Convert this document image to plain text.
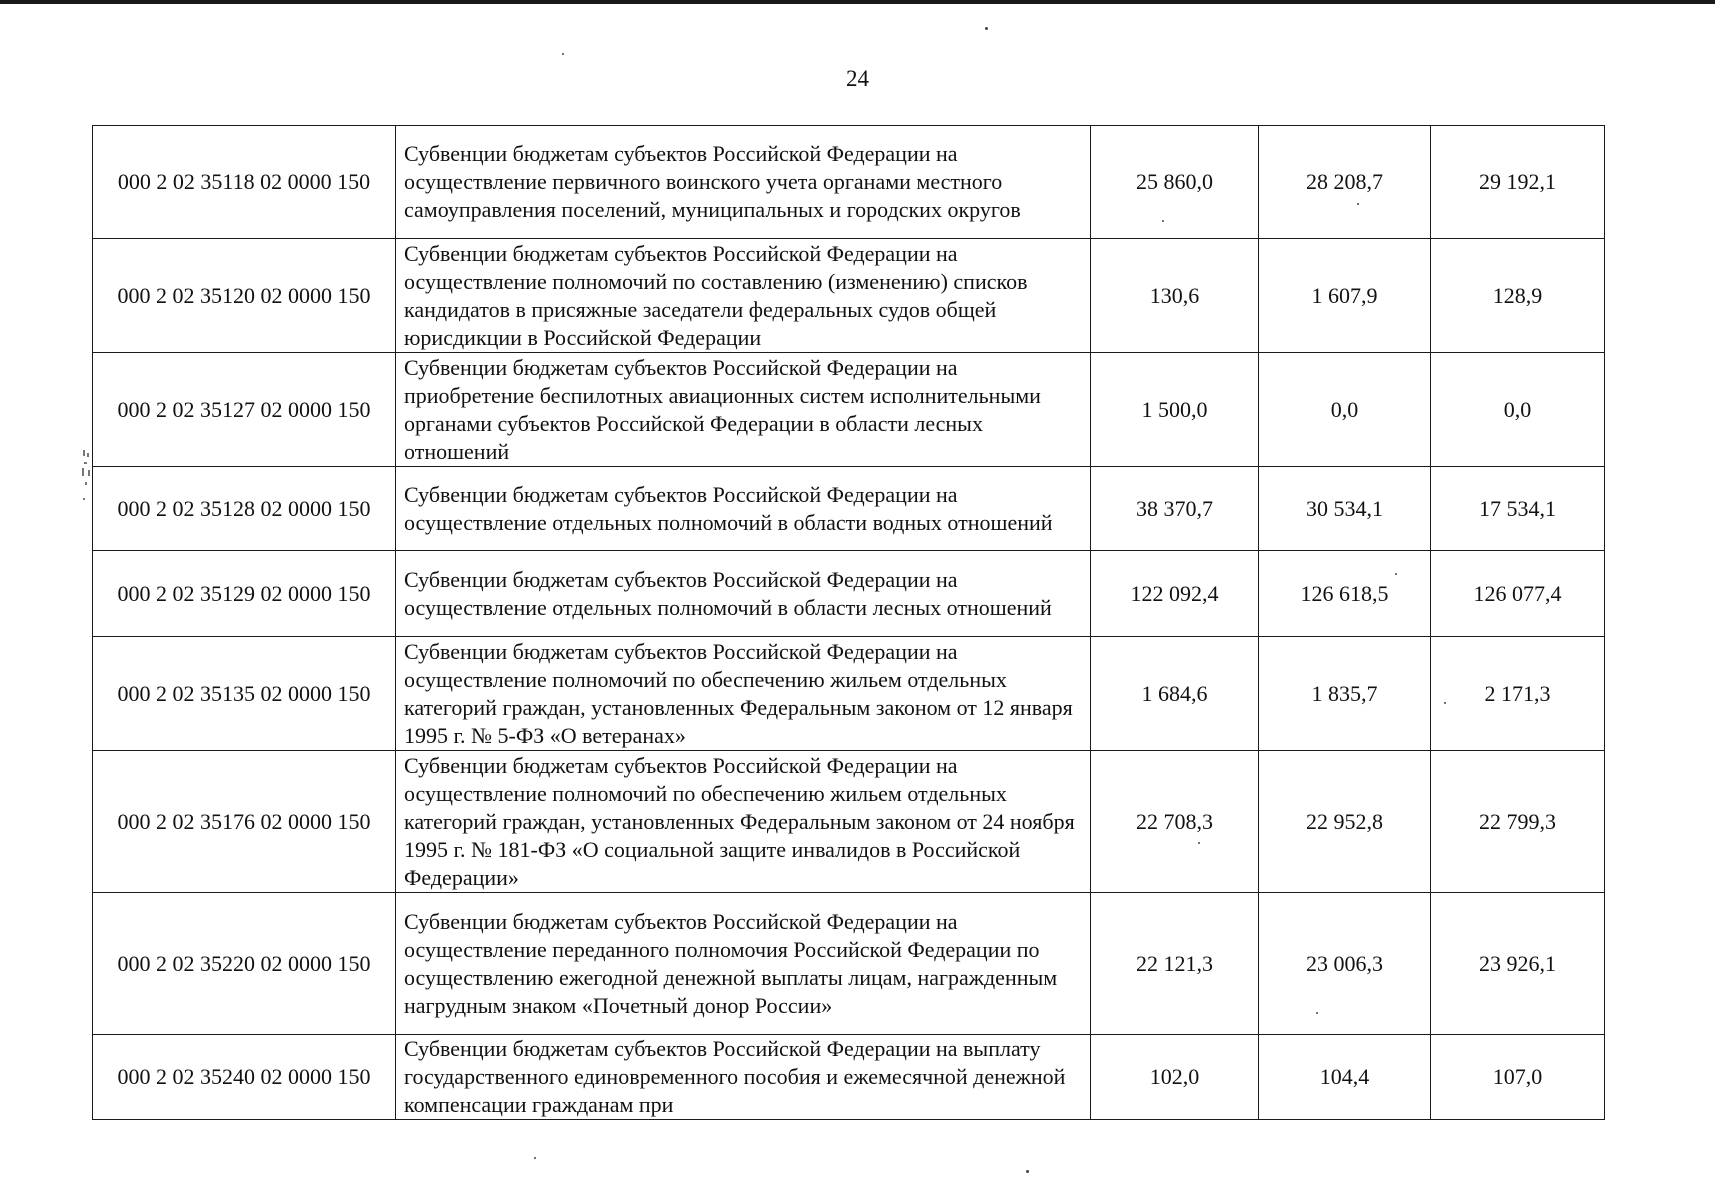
24
000 2 02 35118 02 0000 150	Субвенции бюджетам субъектов Российской Федерации на осуществление первичного воинского учета органами местного самоуправления поселений, муниципальных и городских округов	25 860,0	28 208,7	29 192,1
000 2 02 35120 02 0000 150	Субвенции бюджетам субъектов Российской Федерации на осуществление полномочий по составлению (изменению) списков кандидатов в присяжные заседатели федеральных судов общей юрисдикции в Российской Федерации	130,6	1 607,9	128,9
000 2 02 35127 02 0000 150	Субвенции бюджетам субъектов Российской Федерации на приобретение беспилотных авиационных систем исполнительными органами субъектов Российской Федерации в области лесных отношений	1 500,0	0,0	0,0
000 2 02 35128 02 0000 150	Субвенции бюджетам субъектов Российской Федерации на осуществление отдельных полномочий в области водных отношений	38 370,7	30 534,1	17 534,1
000 2 02 35129 02 0000 150	Субвенции бюджетам субъектов Российской Федерации на осуществление отдельных полномочий в области лесных отношений	122 092,4	126 618,5	126 077,4
000 2 02 35135 02 0000 150	Субвенции бюджетам субъектов Российской Федерации на осуществление полномочий по обеспечению жильем отдельных категорий граждан, установленных Федеральным законом от 12 января 1995 г. № 5-ФЗ «О ветеранах»	1 684,6	1 835,7	2 171,3
000 2 02 35176 02 0000 150	Субвенции бюджетам субъектов Российской Федерации на осуществление полномочий по обеспечению жильем отдельных категорий граждан, установленных Федеральным законом от 24 ноября 1995 г. № 181-ФЗ «О социальной защите инвалидов в Российской Федерации»	22 708,3	22 952,8	22 799,3
000 2 02 35220 02 0000 150	Субвенции бюджетам субъектов Российской Федерации на осуществление переданного полномочия Российской Федерации по осуществлению ежегодной денежной выплаты лицам, награжденным нагрудным знаком «Почетный донор России»	22 121,3	23 006,3	23 926,1
000 2 02 35240 02 0000 150	Субвенции бюджетам субъектов Российской Федерации на выплату государственного единовременного пособия и ежемесячной денежной компенсации гражданам при	102,0	104,4	107,0
